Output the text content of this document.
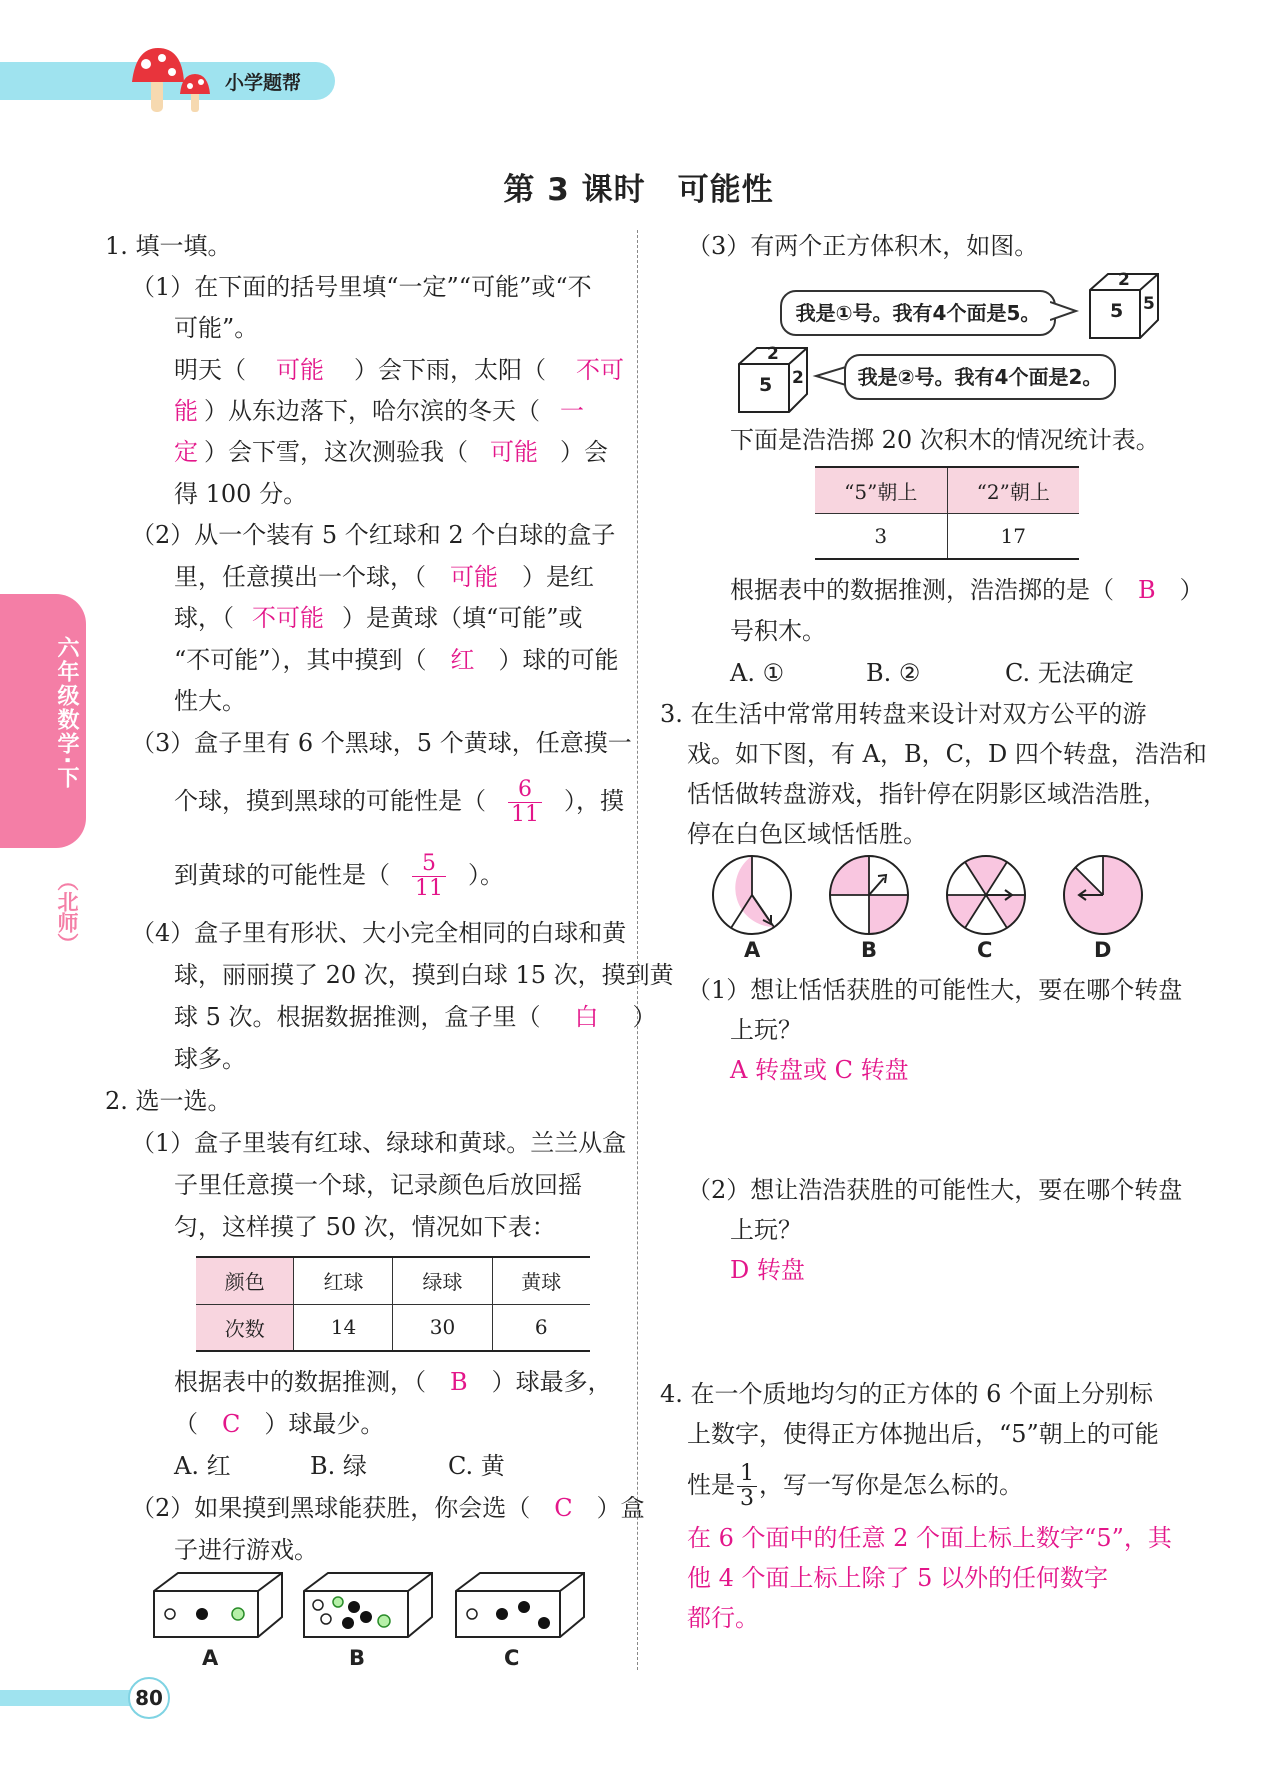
小学题帮
六年级数学·下
（北师）
80
第 3 课时　可能性
1. 填一填。
（1）在下面的括号里填“一定”“可能”或“不
可能”。
明天（ 可能 ）会下雨，太阳（ 不可
能 ）从东边落下，哈尔滨的冬天（ 一
定 ）会下雪，这次测验我（ 可能 ）会
得 100 分。
（2）从一个装有 5 个红球和 2 个白球的盒子
里，任意摸出一个球，（ 可能 ）是红
球，（ 不可能 ）是黄球（填“可能”或
“不可能”），其中摸到（ 红 ）球的可能
性大。
（3）盒子里有 6 个黑球，5 个黄球，任意摸一
个球，摸到黑球的可能性是（ $\frac{6}{11}$ ），摸
到黄球的可能性是（ $\frac{5}{11}$ ）。
（4）盒子里有形状、大小完全相同的白球和黄
球，丽丽摸了 20 次，摸到白球 15 次，摸到黄
球 5 次。根据数据推测，盒子里（ 白 ）
球多。
2. 选一选。
（1）盒子里装有红球、绿球和黄球。兰兰从盒
子里任意摸一个球，记录颜色后放回摇
匀，这样摸了 50 次，情况如下表：
颜色	红球	绿球	黄球
次数	14	30	6
根据表中的数据推测，（ B ）球最多，
（ C ）球最少。
A. 红	B. 绿	C. 黄
（2）如果摸到黑球能获胜，你会选（ C ）盒
子进行游戏。
A	B	C
（3）有两个正方体积木，如图。
我是①号。我有4个面是5。
2
5 5
2
5 2	我是②号。我有4个面是2。
下面是浩浩掷 20 次积木的情况统计表。
“5”朝上	“2”朝上
3	17
根据表中的数据推测，浩浩掷的是（ B ）
号积木。
A. ①	B. ②	C. 无法确定
3. 在生活中常常用转盘来设计对双方公平的游
戏。如下图，有 A，B，C，D 四个转盘，浩浩和
恬恬做转盘游戏，指针停在阴影区域浩浩胜，
停在白色区域恬恬胜。
A	B	C	D
（1）想让恬恬获胜的可能性大，要在哪个转盘
上玩？
A 转盘或 C 转盘
（2）想让浩浩获胜的可能性大，要在哪个转盘
上玩？
D 转盘
4. 在一个质地均匀的正方体的 6 个面上分别标
上数字，使得正方体抛出后，“5”朝上的可能
性是 $\frac{1}{3}$ ，写一写你是怎么标的。
在 6 个面中的任意 2 个面上标上数字“5”，其
他 4 个面上标上除了 5 以外的任何数字
都行。
